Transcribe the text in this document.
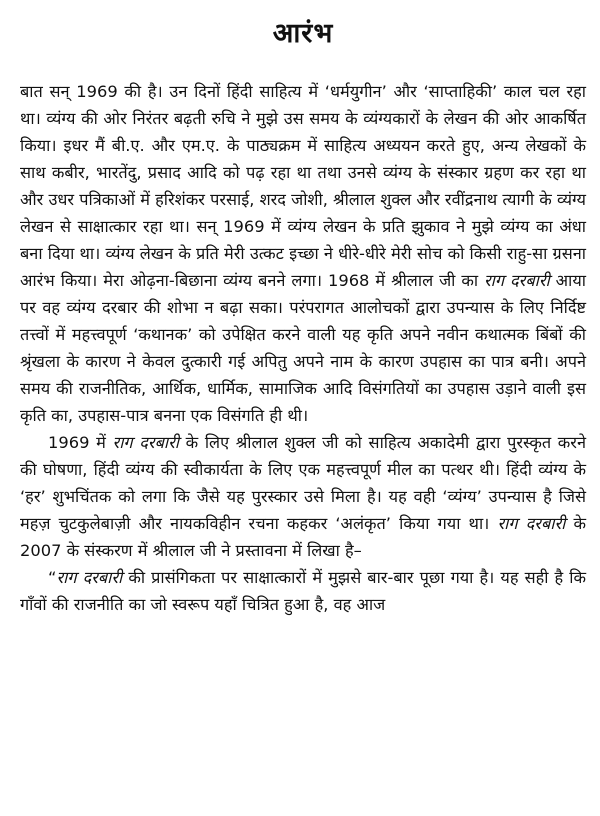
आरंभ

बात सन् 1969 की है। उन दिनों हिंदी साहित्य में ‘धर्मयुगीन’ और ‘साप्ताहिकी’ काल चल रहा था। व्यंग्य की ओर निरंतर बढ़ती रुचि ने मुझे उस समय के व्यंग्यकारों के लेखन की ओर आकर्षित किया। इधर मैं बी.ए. और एम.ए. के पाठ्यक्रम में साहित्य अध्ययन करते हुए, अन्य लेखकों के साथ कबीर, भारतेंदु, प्रसाद आदि को पढ़ रहा था तथा उनसे व्यंग्य के संस्कार ग्रहण कर रहा था और उधर पत्रिकाओं में हरिशंकर परसाई, शरद जोशी, श्रीलाल शुक्ल और रवींद्रनाथ त्यागी के व्यंग्य लेखन से साक्षात्कार रहा था। सन् 1969 में व्यंग्य लेखन के प्रति झुकाव ने मुझे व्यंग्य का अंधा बना दिया था। व्यंग्य लेखन के प्रति मेरी उत्कट इच्छा ने धीरे-धीरे मेरी सोच को किसी राहु-सा ग्रसना आरंभ किया। मेरा ओढ़ना-बिछाना व्यंग्य बनने लगा। 1968 में श्रीलाल जी का राग दरबारी आया पर वह व्यंग्य दरबार की शोभा न बढ़ा सका। परंपरागत आलोचकों द्वारा उपन्यास के लिए निर्दिष्ट तत्त्वों में महत्त्वपूर्ण ‘कथानक’ को उपेक्षित करने वाली यह कृति अपने नवीन कथात्मक बिंबों की श्रृंखला के कारण ने केवल दुत्कारी गई अपितु अपने नाम के कारण उपहास का पात्र बनी। अपने समय की राजनीतिक, आर्थिक, धार्मिक, सामाजिक आदि विसंगतियों का उपहास उड़ाने वाली इस कृति का, उपहास-पात्र बनना एक विसंगति ही थी।

1969 में राग दरबारी के लिए श्रीलाल शुक्ल जी को साहित्य अकादेमी द्वारा पुरस्कृत करने की घोषणा, हिंदी व्यंग्य की स्वीकार्यता के लिए एक महत्त्वपूर्ण मील का पत्थर थी। हिंदी व्यंग्य के ‘हर’ शुभचिंतक को लगा कि जैसे यह पुरस्कार उसे मिला है। यह वही ‘व्यंग्य’ उपन्यास है जिसे महज़ चुटकुलेबाज़ी और नायकविहीन रचना कहकर ‘अलंकृत’ किया गया था। राग दरबारी के 2007 के संस्करण में श्रीलाल जी ने प्रस्तावना में लिखा है–

“राग दरबारी की प्रासंगिकता पर साक्षात्कारों में मुझसे बार-बार पूछा गया है। यह सही है कि गाँवों की राजनीति का जो स्वरूप यहाँ चित्रित हुआ है, वह आज
